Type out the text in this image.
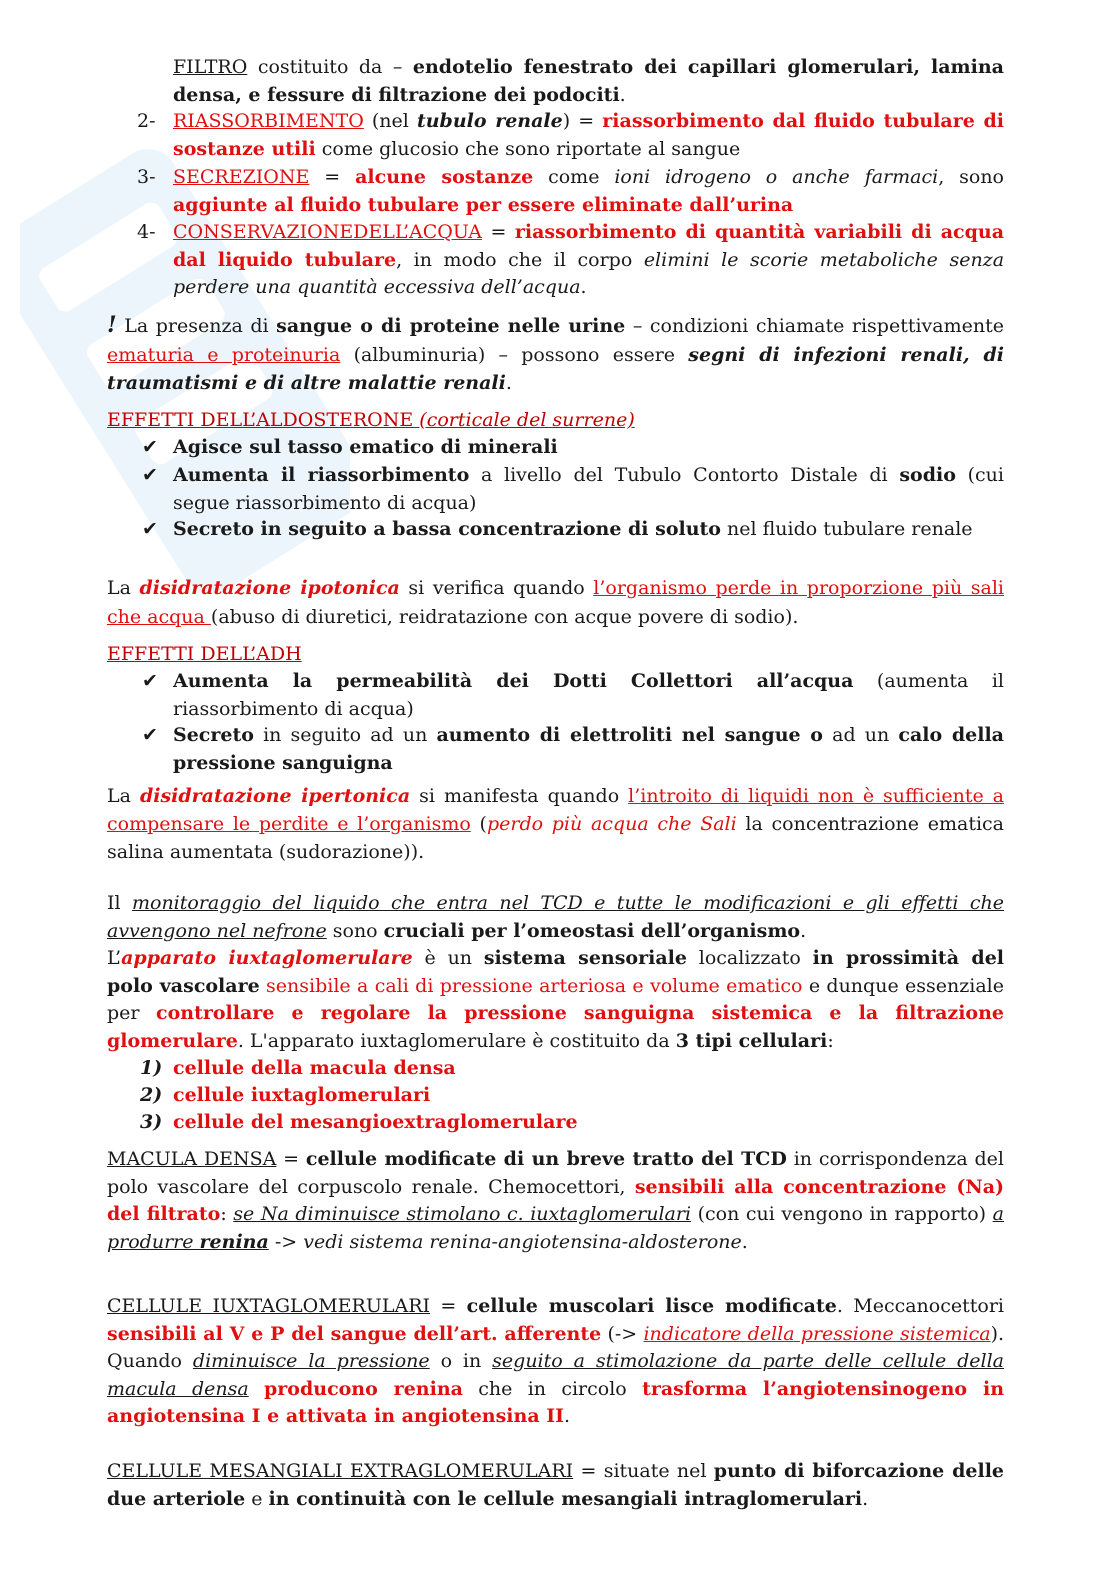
FILTRO costituito da – endotelio fenestrato dei capillari glomerulari, lamina densa, e fessure di filtrazione dei podociti.

2- RIASSORBIMENTO (nel tubulo renale) = riassorbimento dal fluido tubulare di sostanze utili come glucosio che sono riportate al sangue

3- SECREZIONE = alcune sostanze come ioni idrogeno o anche farmaci, sono aggiunte al fluido tubulare per essere eliminate dall’urina

4- CONSERVAZIONEDELL’ACQUA = riassorbimento di quantità variabili di acqua dal liquido tubulare, in modo che il corpo elimini le scorie metaboliche senza perdere una quantità eccessiva dell’acqua.

! La presenza di sangue o di proteine nelle urine – condizioni chiamate rispettivamente ematuria e proteinuria (albuminuria) – possono essere segni di infezioni renali, di traumatismi e di altre malattie renali.

EFFETTI DELL’ALDOSTERONE (corticale del surrene)

✔ Agisce sul tasso ematico di minerali

✔ Aumenta il riassorbimento a livello del Tubulo Contorto Distale di sodio (cui segue riassorbimento di acqua)

✔ Secreto in seguito a bassa concentrazione di soluto nel fluido tubulare renale

La disidratazione ipotonica si verifica quando l’organismo perde in proporzione più sali che acqua (abuso di diuretici, reidratazione con acque povere di sodio).

EFFETTI DELL’ADH

✔ Aumenta la permeabilità dei Dotti Collettori all’acqua (aumenta il riassorbimento di acqua)

✔ Secreto in seguito ad un aumento di elettroliti nel sangue o ad un calo della pressione sanguigna

La disidratazione ipertonica si manifesta quando l’introito di liquidi non è sufficiente a compensare le perdite e l’organismo (perdo più acqua che Sali la concentrazione ematica salina aumentata (sudorazione)).

Il monitoraggio del liquido che entra nel TCD e tutte le modificazioni e gli effetti che avvengono nel nefrone sono cruciali per l’omeostasi dell’organismo.

L’apparato iuxtaglomerulare è un sistema sensoriale localizzato in prossimità del polo vascolare sensibile a cali di pressione arteriosa e volume ematico e dunque essenziale per controllare e regolare la pressione sanguigna sistemica e la filtrazione glomerulare. L'apparato iuxtaglomerulare è costituito da 3 tipi cellulari:

1) cellule della macula densa

2) cellule iuxtaglomerulari

3) cellule del mesangioextraglomerulare

MACULA DENSA = cellule modificate di un breve tratto del TCD in corrispondenza del polo vascolare del corpuscolo renale. Chemocettori, sensibili alla concentrazione (Na) del filtrato: se Na diminuisce stimolano c. iuxtaglomerulari (con cui vengono in rapporto) a produrre renina -> vedi sistema renina-angiotensina-aldosterone.

CELLULE IUXTAGLOMERULARI = cellule muscolari lisce modificate. Meccanocettori sensibili al V e P del sangue dell’art. afferente (-> indicatore della pressione sistemica). Quando diminuisce la pressione o in seguito a stimolazione da parte delle cellule della macula densa producono renina che in circolo trasforma l’angiotensinogeno in angiotensina I e attivata in angiotensina II.

CELLULE MESANGIALI EXTRAGLOMERULARI = situate nel punto di biforcazione delle due arteriole e in continuità con le cellule mesangiali intraglomerulari.
